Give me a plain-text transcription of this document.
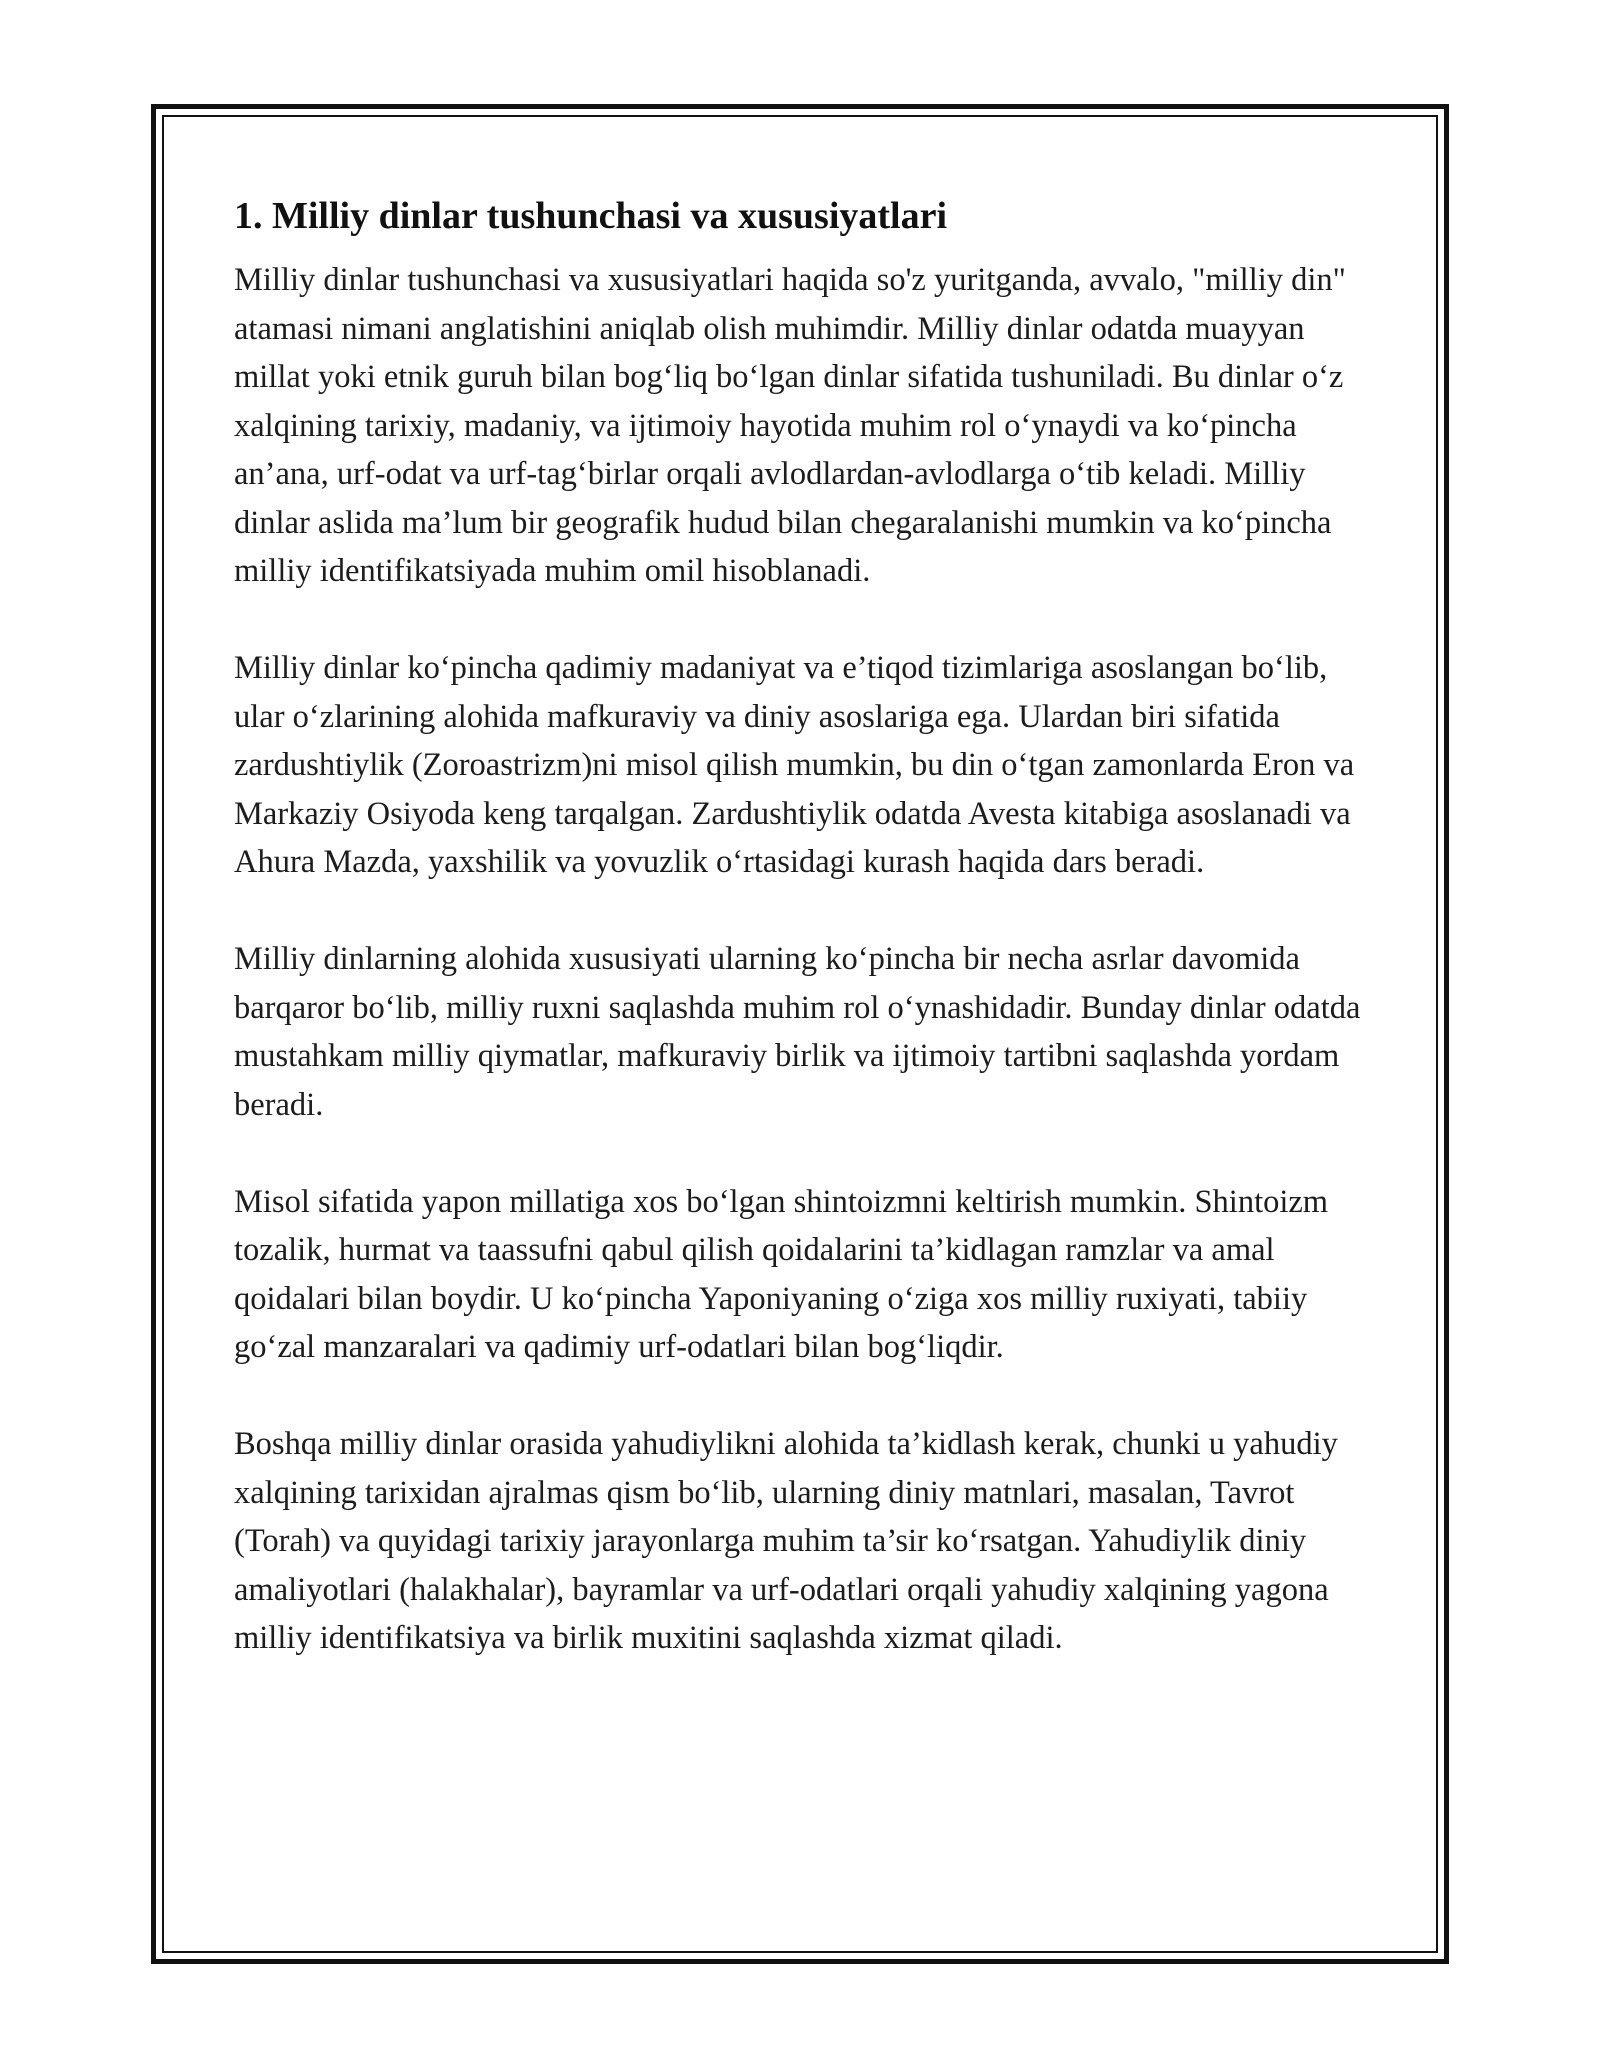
1. Milliy dinlar tushunchasi va xususiyatlari

Milliy dinlar tushunchasi va xususiyatlari haqida so'z yuritganda, avvalo, "milliy din" atamasi nimani anglatishini aniqlab olish muhimdir. Milliy dinlar odatda muayyan millat yoki etnik guruh bilan bog‘liq bo‘lgan dinlar sifatida tushuniladi. Bu dinlar o‘z xalqining tarixiy, madaniy, va ijtimoiy hayotida muhim rol o‘ynaydi va ko‘pincha an’ana, urf-odat va urf-tag‘birlar orqali avlodlardan-avlodlarga o‘tib keladi. Milliy dinlar aslida ma’lum bir geografik hudud bilan chegaralanishi mumkin va ko‘pincha milliy identifikatsiyada muhim omil hisoblanadi.

Milliy dinlar ko‘pincha qadimiy madaniyat va e’tiqod tizimlariga asoslangan bo‘lib, ular o‘zlarining alohida mafkuraviy va diniy asoslariga ega. Ulardan biri sifatida zardushtiylik (Zoroastrizm)ni misol qilish mumkin, bu din o‘tgan zamonlarda Eron va Markaziy Osiyoda keng tarqalgan. Zardushtiylik odatda Avesta kitabiga asoslanadi va Ahura Mazda, yaxshilik va yovuzlik o‘rtasidagi kurash haqida dars beradi.

Milliy dinlarning alohida xususiyati ularning ko‘pincha bir necha asrlar davomida barqaror bo‘lib, milliy ruxni saqlashda muhim rol o‘ynashidadir. Bunday dinlar odatda mustahkam milliy qiymatlar, mafkuraviy birlik va ijtimoiy tartibni saqlashda yordam beradi.

Misol sifatida yapon millatiga xos bo‘lgan shintoizmni keltirish mumkin. Shintoizm tozalik, hurmat va taassufni qabul qilish qoidalarini ta’kidlagan ramzlar va amal qoidalari bilan boydir. U ko‘pincha Yaponiyaning o‘ziga xos milliy ruxiyati, tabiiy go‘zal manzaralari va qadimiy urf-odatlari bilan bog‘liqdir.

Boshqa milliy dinlar orasida yahudiylikni alohida ta’kidlash kerak, chunki u yahudiy xalqining tarixidan ajralmas qism bo‘lib, ularning diniy matnlari, masalan, Tavrot (Torah) va quyidagi tarixiy jarayonlarga muhim ta’sir ko‘rsatgan. Yahudiylik diniy amaliyotlari (halakhalar), bayramlar va urf-odatlari orqali yahudiy xalqining yagona milliy identifikatsiya va birlik muxitini saqlashda xizmat qiladi.
